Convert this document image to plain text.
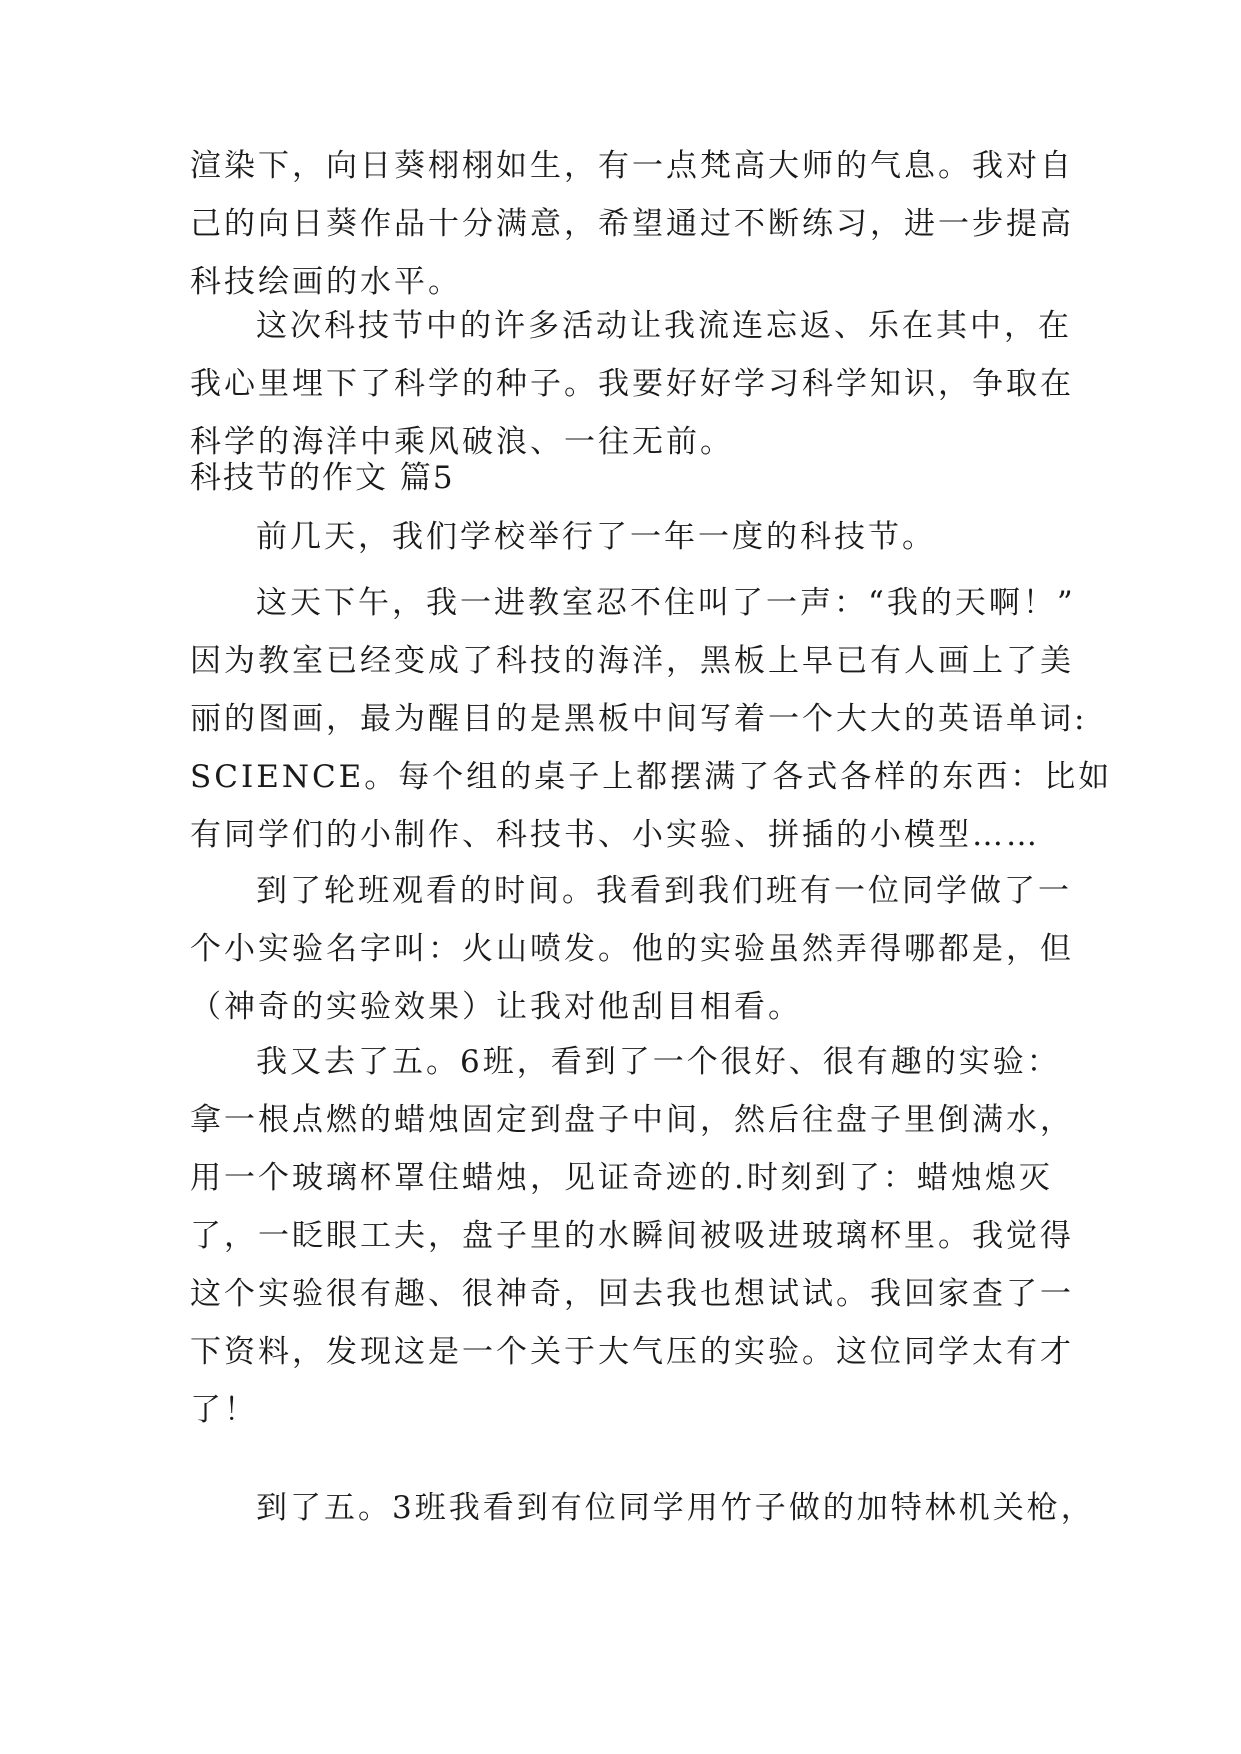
渲染下，向日葵栩栩如生，有一点梵高大师的气息。我对自
己的向日葵作品十分满意，希望通过不断练习，进一步提高
科技绘画的水平。
这次科技节中的许多活动让我流连忘返、乐在其中，在
我心里埋下了科学的种子。我要好好学习科学知识，争取在
科学的海洋中乘风破浪、一往无前。
科技节的作文 篇5
前几天，我们学校举行了一年一度的科技节。
这天下午，我一进教室忍不住叫了一声：“我的天啊！”
因为教室已经变成了科技的海洋，黑板上早已有人画上了美
丽的图画，最为醒目的是黑板中间写着一个大大的英语单词:
SCIENCE。每个组的桌子上都摆满了各式各样的东西：比如
有同学们的小制作、科技书、小实验、拼插的小模型……
到了轮班观看的时间。我看到我们班有一位同学做了一
个小实验名字叫：火山喷发。他的实验虽然弄得哪都是，但
（神奇的实验效果）让我对他刮目相看。
我又去了五。6班，看到了一个很好、很有趣的实验：
拿一根点燃的蜡烛固定到盘子中间，然后往盘子里倒满水，
用一个玻璃杯罩住蜡烛，见证奇迹的.时刻到了：蜡烛熄灭
了，一眨眼工夫，盘子里的水瞬间被吸进玻璃杯里。我觉得
这个实验很有趣、很神奇，回去我也想试试。我回家查了一
下资料，发现这是一个关于大气压的实验。这位同学太有才
了！
到了五。3班我看到有位同学用竹子做的加特林机关枪，
